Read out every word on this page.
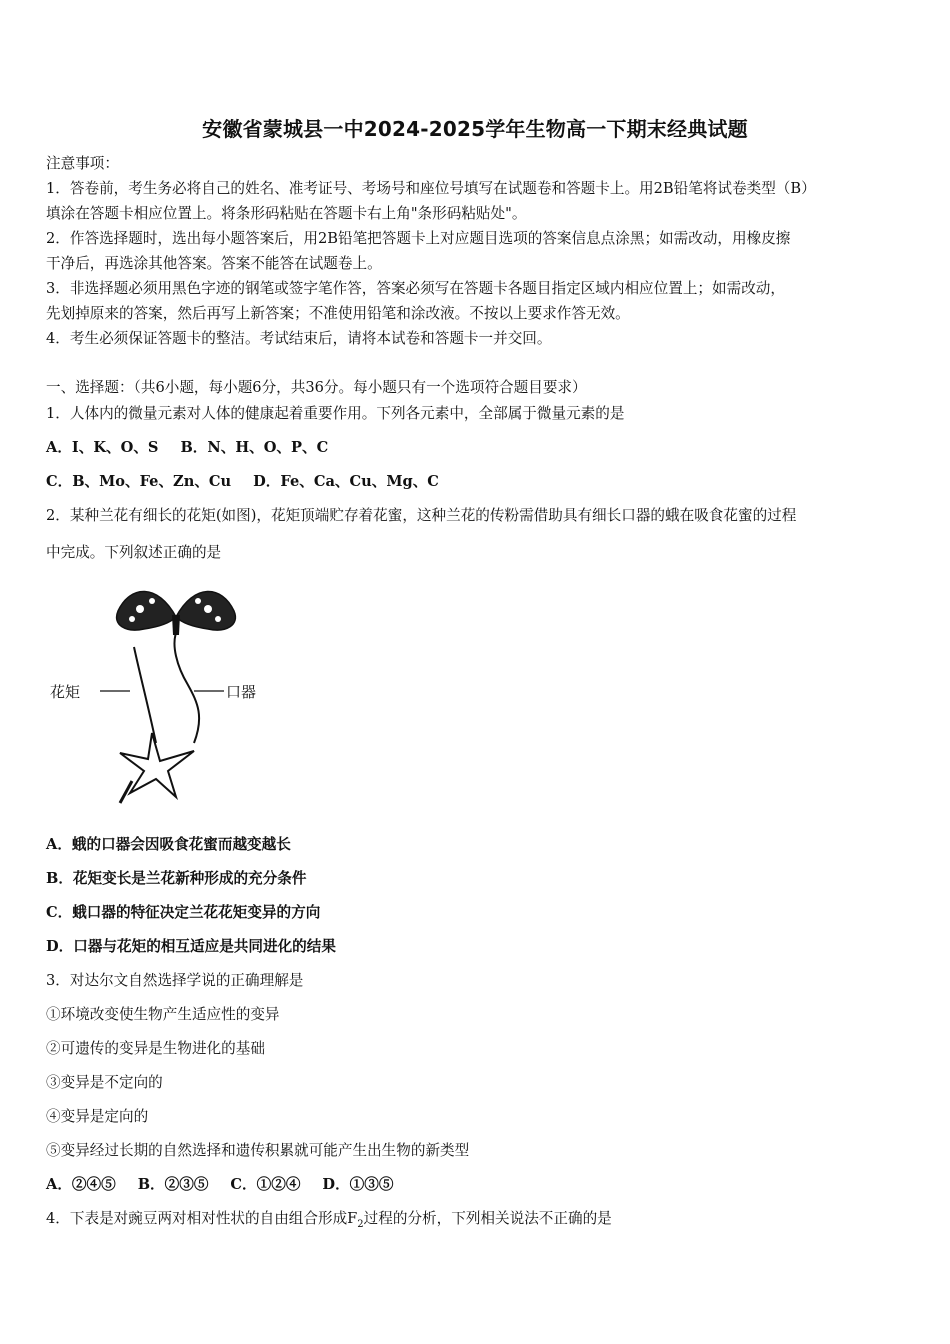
安徽省蒙城县一中2024-2025学年生物高一下期末经典试题
注意事项：
1．答卷前，考生务必将自己的姓名、准考证号、考场号和座位号填写在试题卷和答题卡上。用2B铅笔将试卷类型（B）
填涂在答题卡相应位置上。将条形码粘贴在答题卡右上角"条形码粘贴处"。
2．作答选择题时，选出每小题答案后，用2B铅笔把答题卡上对应题目选项的答案信息点涂黑；如需改动，用橡皮擦
干净后，再选涂其他答案。答案不能答在试题卷上。
3．非选择题必须用黑色字迹的钢笔或签字笔作答，答案必须写在答题卡各题目指定区域内相应位置上；如需改动，
先划掉原来的答案，然后再写上新答案；不准使用铅笔和涂改液。不按以上要求作答无效。
4．考生必须保证答题卡的整洁。考试结束后，请将本试卷和答题卡一并交回。
一、选择题：（共6小题，每小题6分，共36分。每小题只有一个选项符合题目要求）
1．人体内的微量元素对人体的健康起着重要作用。下列各元素中，全部属于微量元素的是
A．I、K、O、S B．N、H、O、P、C
C．B、Mo、Fe、Zn、Cu D．Fe、Ca、Cu、Mg、C
2．某种兰花有细长的花矩(如图)，花矩顶端贮存着花蜜，这种兰花的传粉需借助具有细长口器的蛾在吸食花蜜的过程
中完成。下列叙述正确的是
花矩	口器
A．蛾的口器会因吸食花蜜而越变越长
B．花矩变长是兰花新种形成的充分条件
C．蛾口器的特征决定兰花花矩变异的方向
D．口器与花矩的相互适应是共同进化的结果
3．对达尔文自然选择学说的正确理解是
①环境改变使生物产生适应性的变异
②可遗传的变异是生物进化的基础
③变异是不定向的
④变异是定向的
⑤变异经过长期的自然选择和遗传积累就可能产生出生物的新类型
A．②④⑤ B．②③⑤ C．①②④ D．①③⑤
4．下表是对豌豆两对相对性状的自由组合形成$F_2$过程的分析，下列相关说法不正确的是
